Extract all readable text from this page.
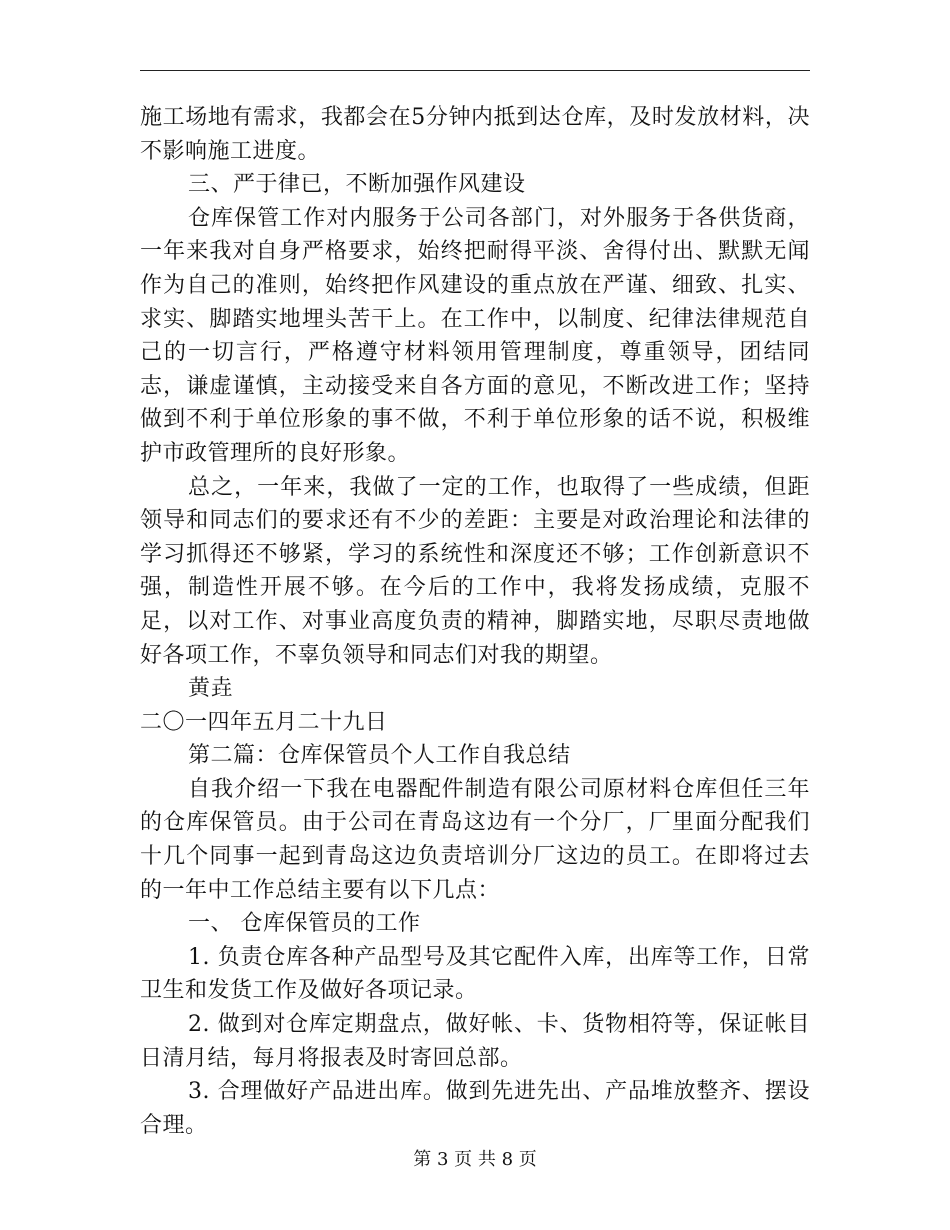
施工场地有需求，我都会在5分钟内抵到达仓库，及时发放材料，决不影响施工进度。

三、严于律已，不断加强作风建设

仓库保管工作对内服务于公司各部门，对外服务于各供货商，一年来我对自身严格要求，始终把耐得平淡、舍得付出、默默无闻作为自己的准则，始终把作风建设的重点放在严谨、细致、扎实、求实、脚踏实地埋头苦干上。在工作中，以制度、纪律法律规范自己的一切言行，严格遵守材料领用管理制度，尊重领导，团结同志，谦虚谨慎，主动接受来自各方面的意见，不断改进工作；坚持做到不利于单位形象的事不做，不利于单位形象的话不说，积极维护市政管理所的良好形象。

总之，一年来，我做了一定的工作，也取得了一些成绩，但距领导和同志们的要求还有不少的差距：主要是对政治理论和法律的学习抓得还不够紧，学习的系统性和深度还不够；工作创新意识不强，制造性开展不够。在今后的工作中，我将发扬成绩，克服不足，以对工作、对事业高度负责的精神，脚踏实地，尽职尽责地做好各项工作，不辜负领导和同志们对我的期望。

黄垚

二〇一四年五月二十九日

第二篇：仓库保管员个人工作自我总结

自我介绍一下我在电器配件制造有限公司原材料仓库但任三年的仓库保管员。由于公司在青岛这边有一个分厂，厂里面分配我们十几个同事一起到青岛这边负责培训分厂这边的员工。在即将过去的一年中工作总结主要有以下几点：

一、 仓库保管员的工作

1. 负责仓库各种产品型号及其它配件入库，出库等工作，日常卫生和发货工作及做好各项记录。

2. 做到对仓库定期盘点，做好帐、卡、货物相符等，保证帐目日清月结，每月将报表及时寄回总部。

3. 合理做好产品进出库。做到先进先出、产品堆放整齐、摆设合理。

第 3 页 共 8 页
